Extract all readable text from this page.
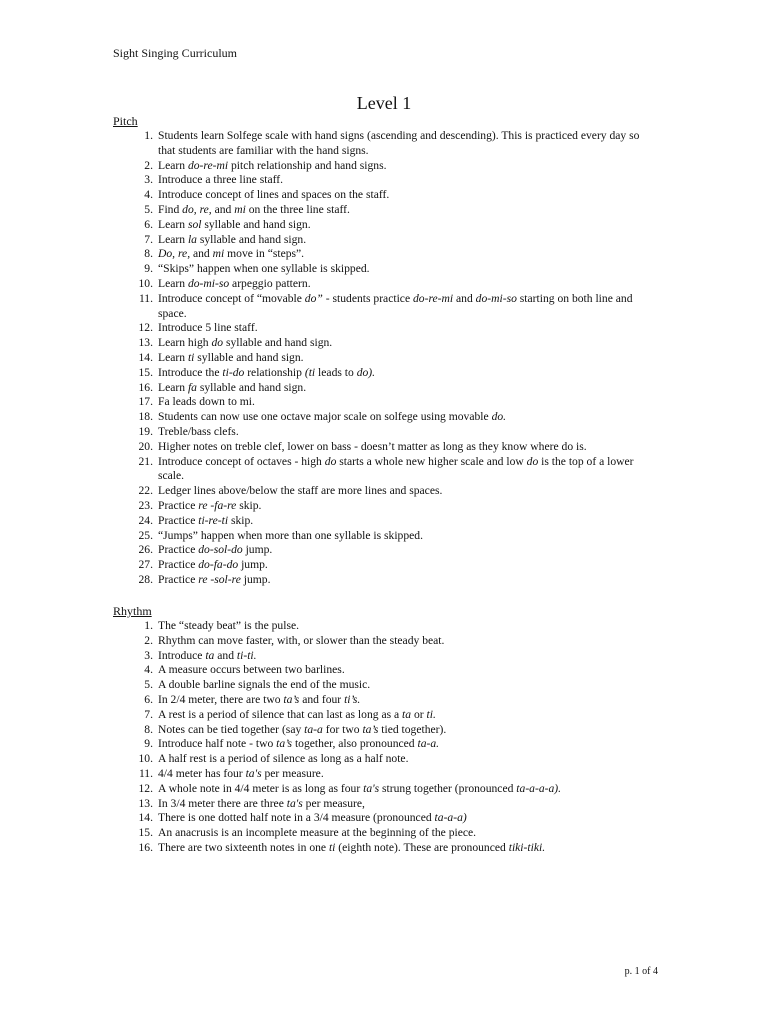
Sight Singing Curriculum
Level 1
Pitch
1. Students learn Solfege scale with hand signs (ascending and descending). This is practiced every day so that students are familiar with the hand signs.
2. Learn do-re-mi pitch relationship and hand signs.
3. Introduce a three line staff.
4. Introduce concept of lines and spaces on the staff.
5. Find do, re, and mi on the three line staff.
6. Learn sol syllable and hand sign.
7. Learn la syllable and hand sign.
8. Do, re, and mi move in “steps”.
9. “Skips” happen when one syllable is skipped.
10. Learn do-mi-so arpeggio pattern.
11. Introduce concept of “movable do” - students practice do-re-mi and do-mi-so starting on both line and space.
12. Introduce 5 line staff.
13. Learn high do syllable and hand sign.
14. Learn ti syllable and hand sign.
15. Introduce the ti-do relationship (ti leads to do).
16. Learn fa syllable and hand sign.
17. Fa leads down to mi.
18. Students can now use one octave major scale on solfege using movable do.
19. Treble/bass clefs.
20. Higher notes on treble clef, lower on bass - doesn’t matter as long as they know where do is.
21. Introduce concept of octaves - high do starts a whole new higher scale and low do is the top of a lower scale.
22. Ledger lines above/below the staff are more lines and spaces.
23. Practice re -fa-re skip.
24. Practice ti-re-ti skip.
25. “Jumps” happen when more than one syllable is skipped.
26. Practice do-sol-do jump.
27. Practice do-fa-do jump.
28. Practice re -sol-re jump.
Rhythm
1. The “steady beat” is the pulse.
2. Rhythm can move faster, with, or slower than the steady beat.
3. Introduce ta and ti-ti.
4. A measure occurs between two barlines.
5. A double barline signals the end of the music.
6. In 2/4 meter, there are two ta’s and four ti’s.
7. A rest is a period of silence that can last as long as a ta or ti.
8. Notes can be tied together (say ta-a for two ta’s tied together).
9. Introduce half note - two ta’s together, also pronounced ta-a.
10. A half rest is a period of silence as long as a half note.
11. 4/4 meter has four ta's per measure.
12. A whole note in 4/4 meter is as long as four ta's strung together (pronounced ta-a-a-a).
13. In 3/4 meter there are three ta's per measure,
14. There is one dotted half note in a 3/4 measure (pronounced ta-a-a)
15. An anacrusis is an incomplete measure at the beginning of the piece.
16. There are two sixteenth notes in one ti (eighth note). These are pronounced tiki-tiki.
p. 1 of 4
